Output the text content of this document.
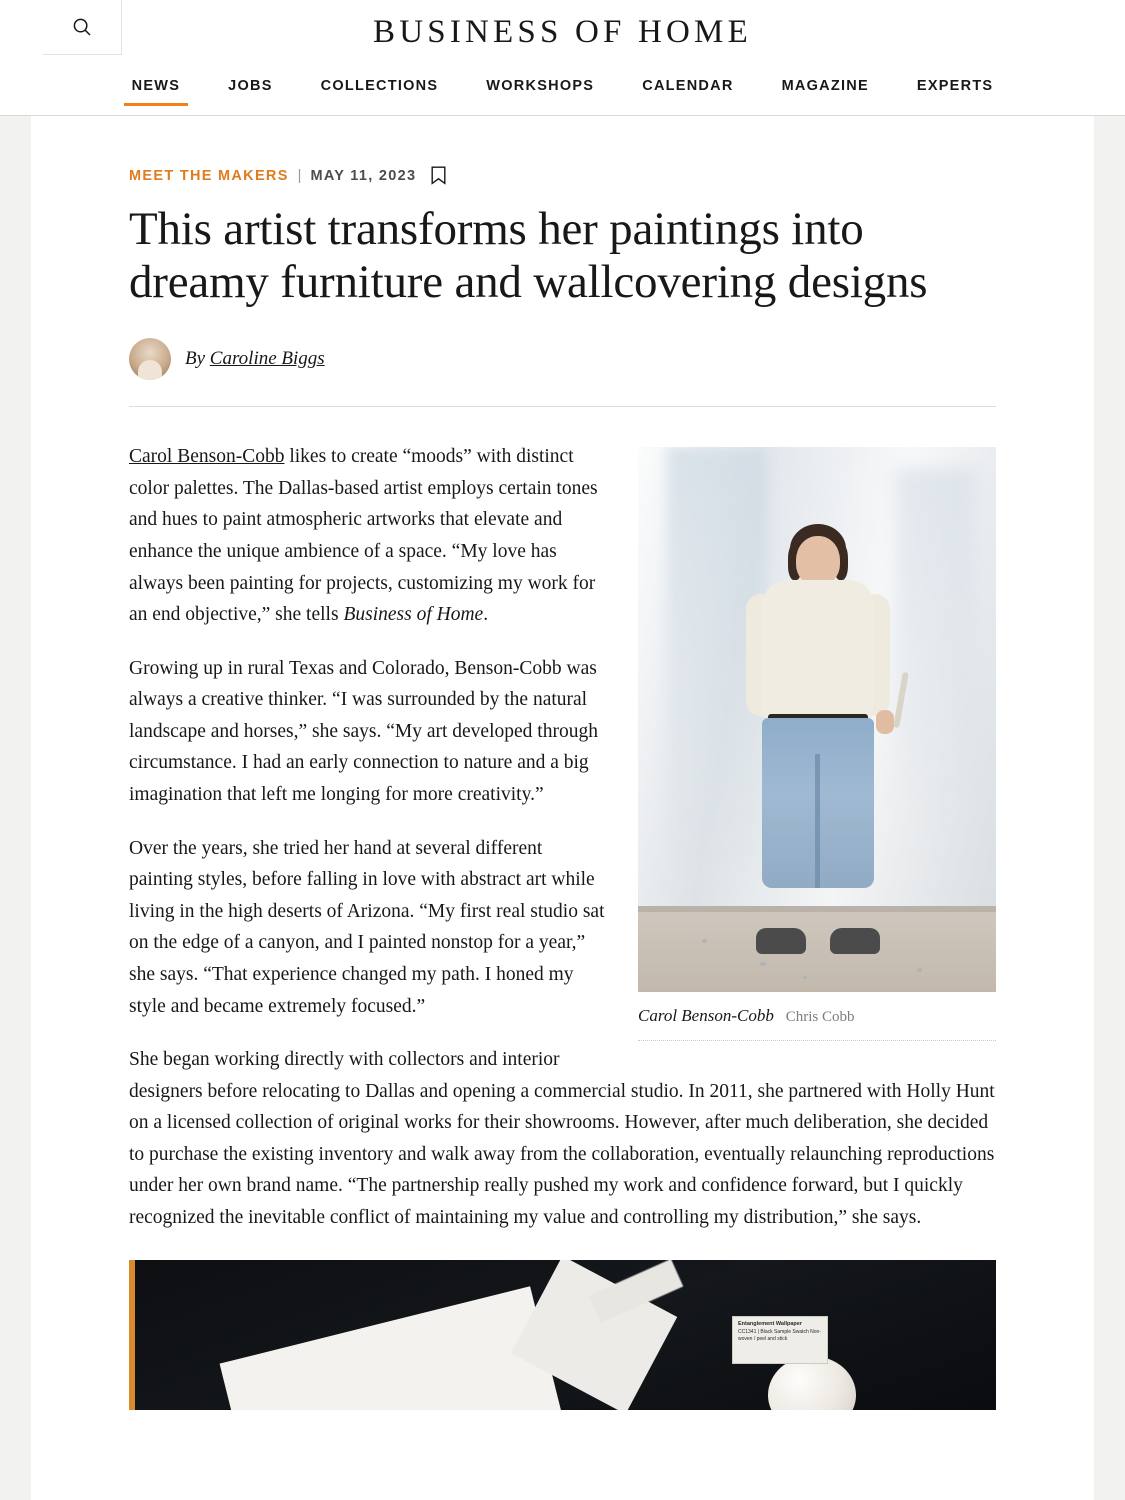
BUSINESS OF HOME
NEWS	JOBS	COLLECTIONS	WORKSHOPS	CALENDAR	MAGAZINE	EXPERTS
MEET THE MAKERS | MAY 11, 2023
This artist transforms her paintings into dreamy furniture and wallcovering designs
By Caroline Biggs
Carol Benson-Cobb Chris Cobb

Carol Benson-Cobb likes to create “moods” with distinct color palettes. The Dallas-based artist employs certain tones and hues to paint atmospheric artworks that elevate and enhance the unique ambience of a space. “My love has always been painting for projects, customizing my work for an end objective,” she tells Business of Home.

Growing up in rural Texas and Colorado, Benson-Cobb was always a creative thinker. “I was surrounded by the natural landscape and horses,” she says. “My art developed through circumstance. I had an early connection to nature and a big imagination that left me longing for more creativity.”

Over the years, she tried her hand at several different painting styles, before falling in love with abstract art while living in the high deserts of Arizona. “My first real studio sat on the edge of a canyon, and I painted nonstop for a year,” she says. “That experience changed my path. I honed my style and became extremely focused.”

She began working directly with collectors and interior designers before relocating to Dallas and opening a commercial studio. In 2011, she partnered with Holly Hunt on a licensed collection of original works for their showrooms. However, after much deliberation, she decided to purchase the existing inventory and walk away from the collaboration, eventually relaunching reproductions under her own brand name. “The partnership really pushed my work and confidence forward, but I quickly recognized the inevitable conflict of maintaining my value and controlling my distribution,” she says.

Entanglement Wallpaper
CC1341 | Black Sample Swatch Non-woven / peel and stick
